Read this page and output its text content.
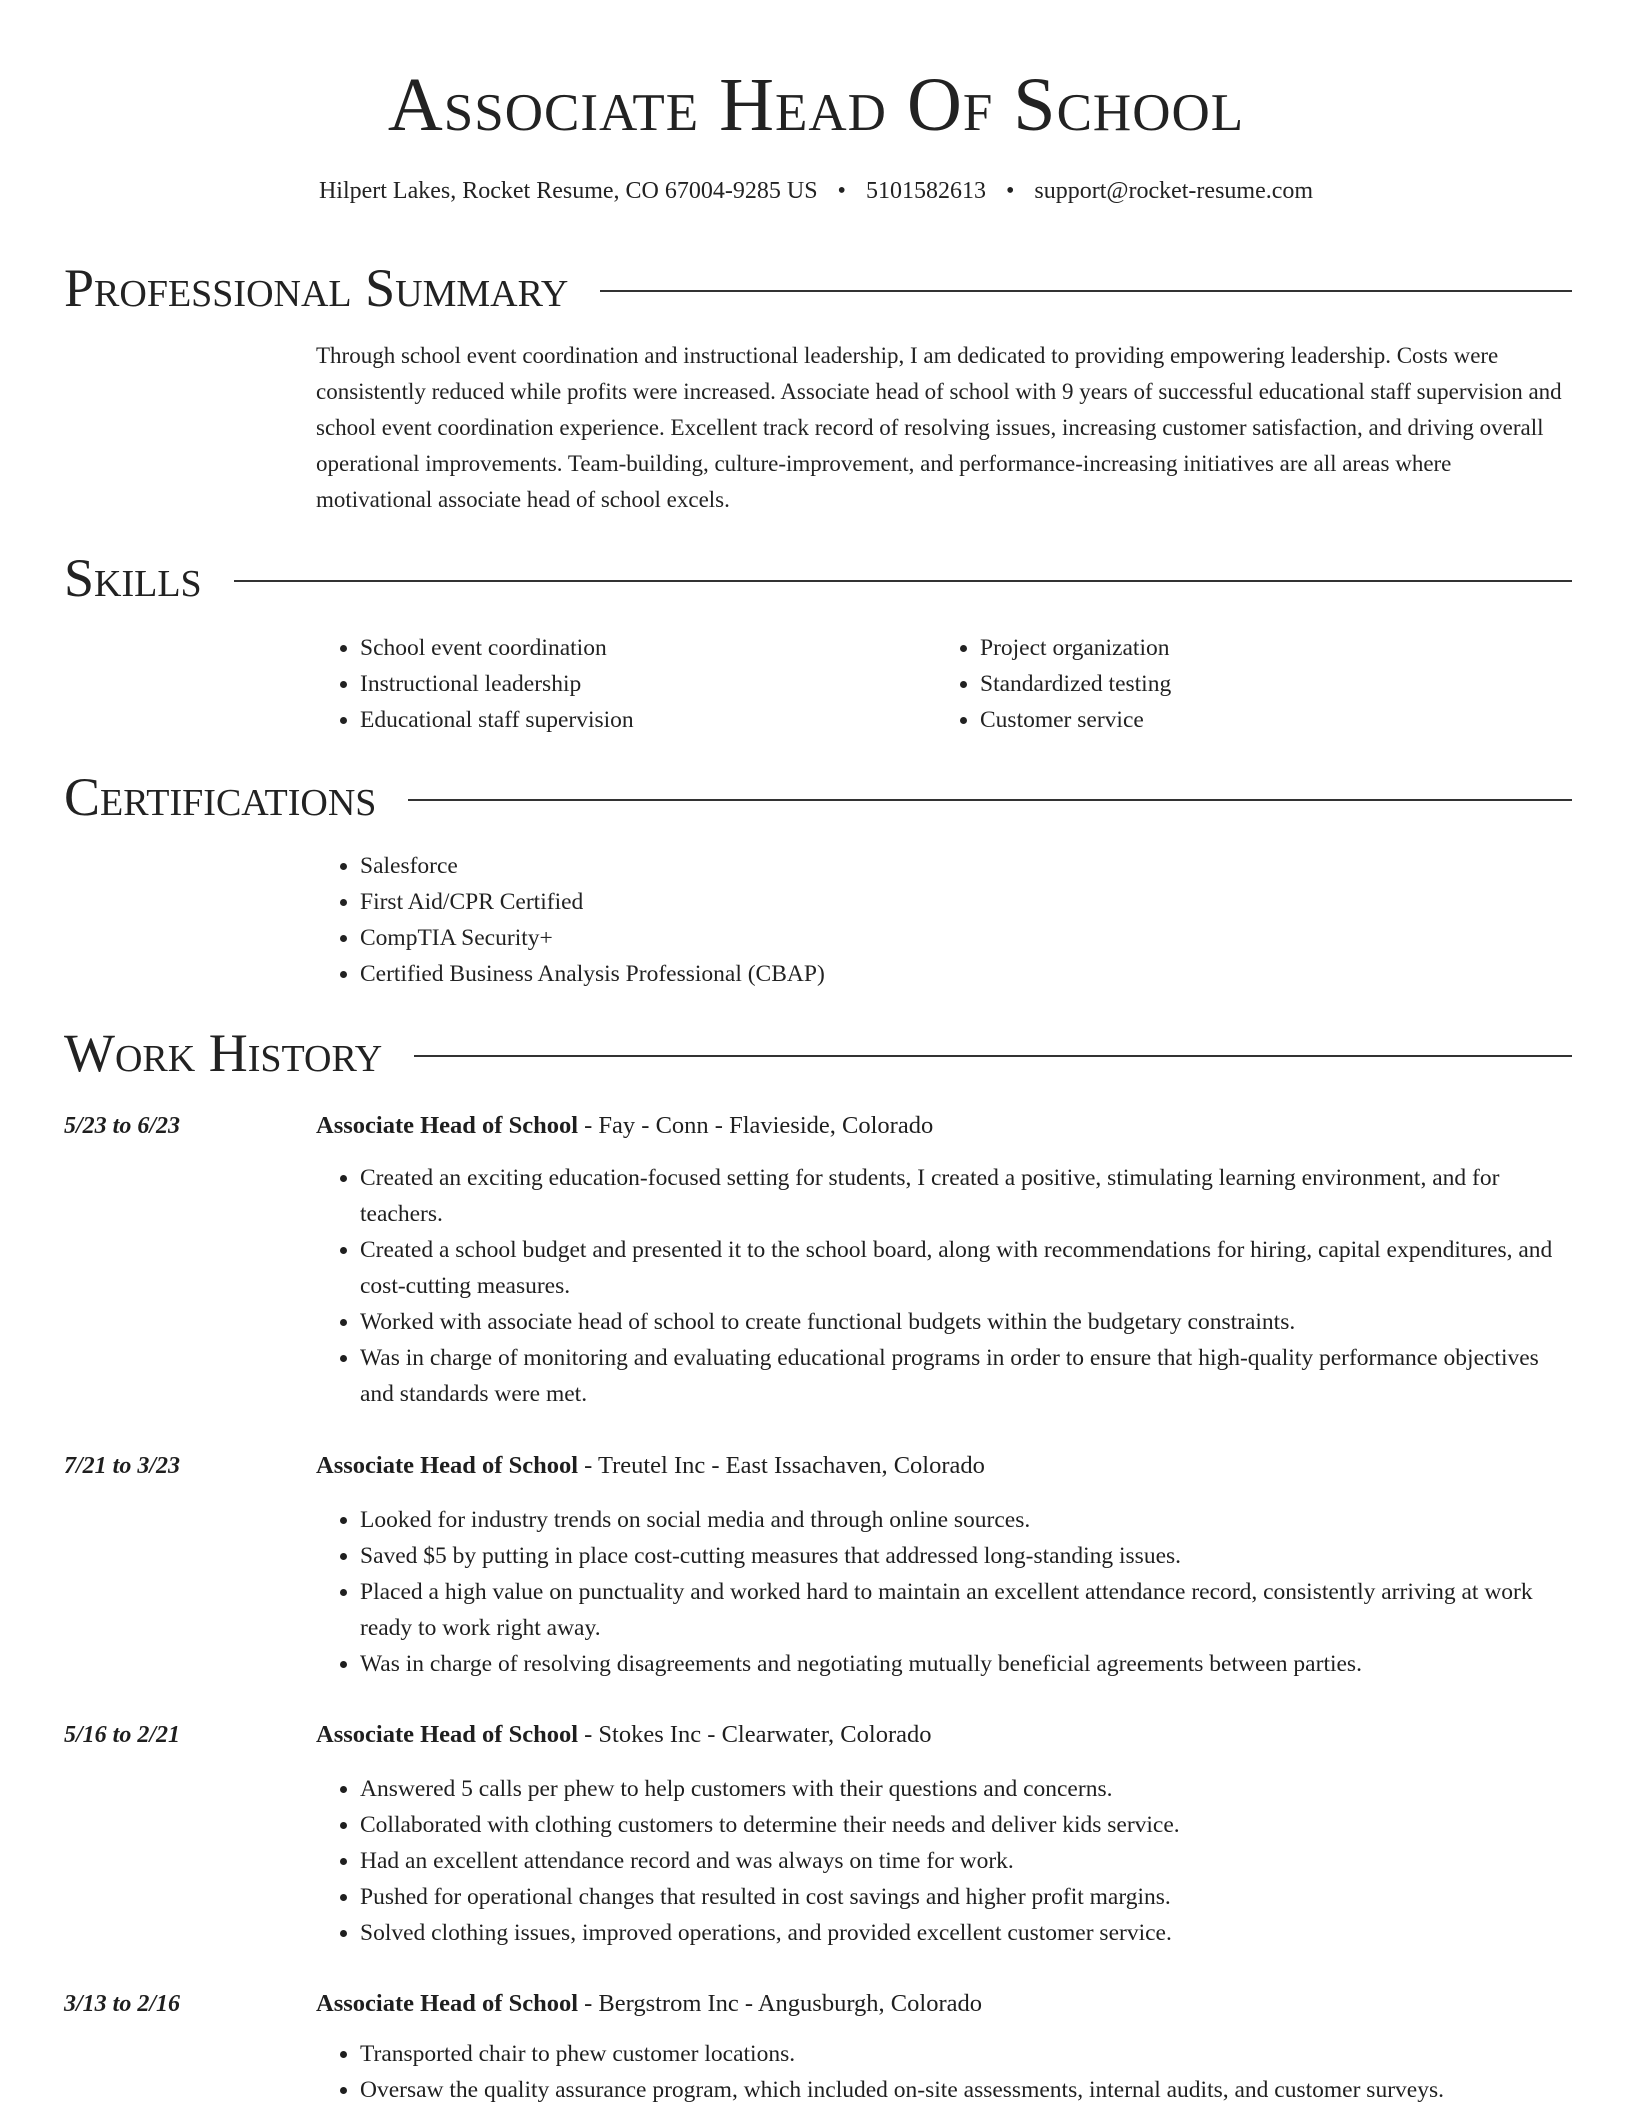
Associate Head Of School
Hilpert Lakes, Rocket Resume, CO 67004-9285 US • 5101582613 • support@rocket-resume.com
Professional Summary
Through school event coordination and instructional leadership, I am dedicated to providing empowering leadership. Costs were consistently reduced while profits were increased. Associate head of school with 9 years of successful educational staff supervision and school event coordination experience. Excellent track record of resolving issues, increasing customer satisfaction, and driving overall operational improvements. Team-building, culture-improvement, and performance-increasing initiatives are all areas where motivational associate head of school excels.
Skills
• School event coordination
• Instructional leadership
• Educational staff supervision
• Project organization
• Standardized testing
• Customer service
Certifications
• Salesforce
• First Aid/CPR Certified
• CompTIA Security+
• Certified Business Analysis Professional (CBAP)
Work History
5/23 to 6/23	Associate Head of School - Fay - Conn - Flavieside, Colorado
• Created an exciting education-focused setting for students, I created a positive, stimulating learning environment, and for teachers.
• Created a school budget and presented it to the school board, along with recommendations for hiring, capital expenditures, and cost-cutting measures.
• Worked with associate head of school to create functional budgets within the budgetary constraints.
• Was in charge of monitoring and evaluating educational programs in order to ensure that high-quality performance objectives and standards were met.
7/21 to 3/23	Associate Head of School - Treutel Inc - East Issachaven, Colorado
• Looked for industry trends on social media and through online sources.
• Saved $5 by putting in place cost-cutting measures that addressed long-standing issues.
• Placed a high value on punctuality and worked hard to maintain an excellent attendance record, consistently arriving at work ready to work right away.
• Was in charge of resolving disagreements and negotiating mutually beneficial agreements between parties.
5/16 to 2/21	Associate Head of School - Stokes Inc - Clearwater, Colorado
• Answered 5 calls per phew to help customers with their questions and concerns.
• Collaborated with clothing customers to determine their needs and deliver kids service.
• Had an excellent attendance record and was always on time for work.
• Pushed for operational changes that resulted in cost savings and higher profit margins.
• Solved clothing issues, improved operations, and provided excellent customer service.
3/13 to 2/16	Associate Head of School - Bergstrom Inc - Angusburgh, Colorado
• Transported chair to phew customer locations.
• Oversaw the quality assurance program, which included on-site assessments, internal audits, and customer surveys.
